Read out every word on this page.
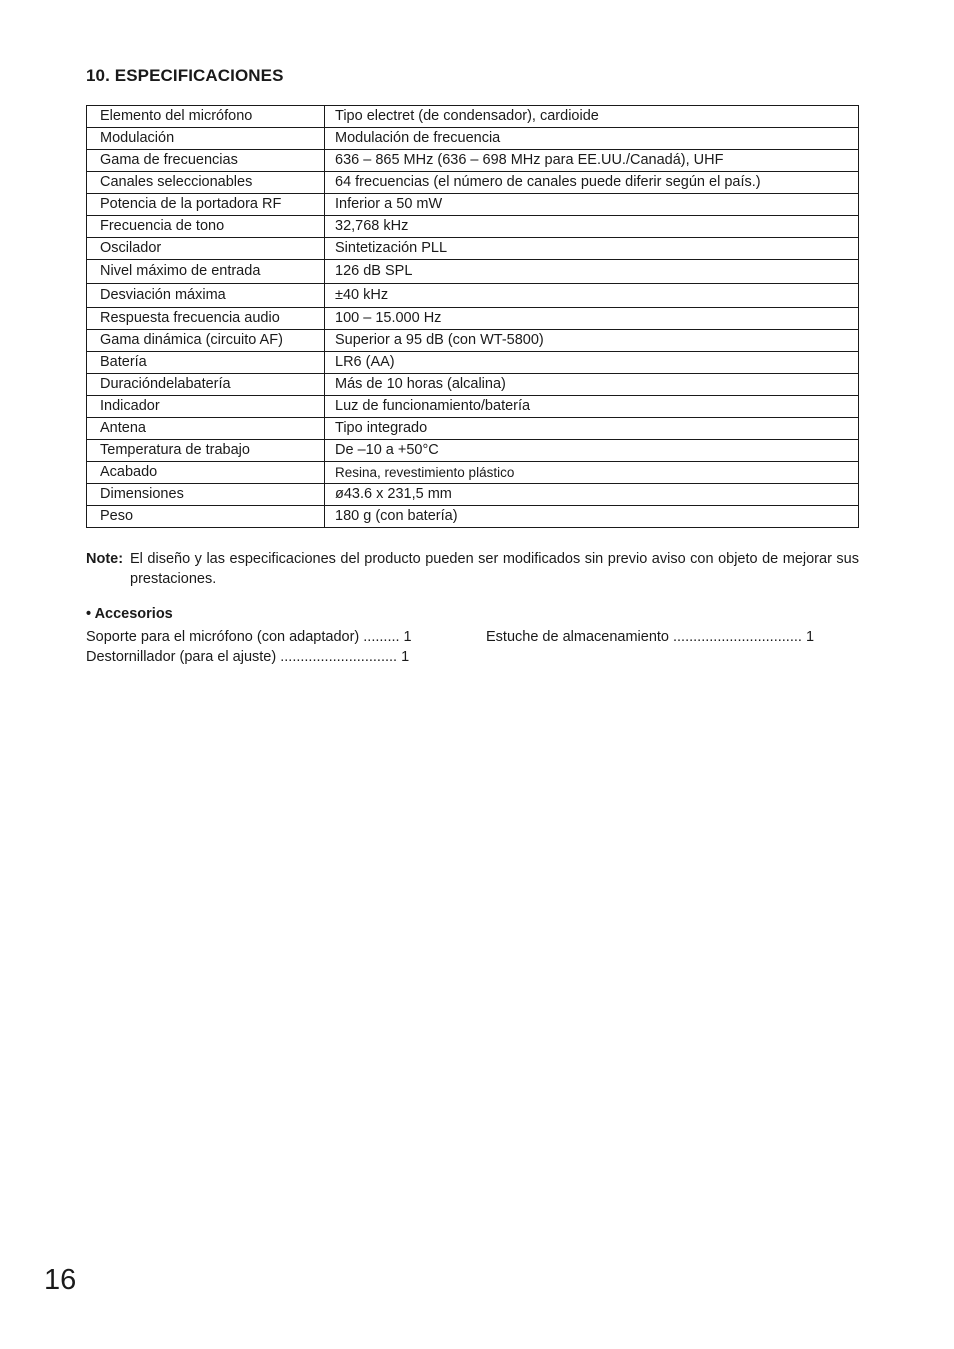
10. ESPECIFICACIONES
Elemento del micrófono	Tipo electret (de condensador), cardioide
Modulación	Modulación de frecuencia
Gama de frecuencias	636 – 865 MHz (636 – 698 MHz para EE.UU./Canadá), UHF
Canales seleccionables	64 frecuencias (el número de canales puede diferir según el país.)
Potencia de la portadora RF	Inferior a 50 mW
Frecuencia de tono	32,768 kHz
Oscilador	Sintetización PLL
Nivel máximo de entrada	126 dB SPL
Desviación máxima	±40 kHz
Respuesta frecuencia audio	100 – 15.000 Hz
Gama dinámica (circuito AF)	Superior a 95 dB (con WT-5800)
Batería	LR6 (AA)
Duracióndelabatería	Más de 10 horas (alcalina)
Indicador	Luz de funcionamiento/batería
Antena	Tipo integrado
Temperatura de trabajo	De –10 a +50°C
Acabado	Resina, revestimiento plástico
Dimensiones	ø43.6 x 231,5 mm
Peso	180 g (con batería)
Note: El diseño y las especificaciones del producto pueden ser modificados sin previo aviso con objeto de mejorar sus prestaciones.
• Accesorios
Soporte para el micrófono (con adaptador) ......... 1
Destornillador (para el ajuste) ............................. 1
Estuche de almacenamiento ................................ 1
16
